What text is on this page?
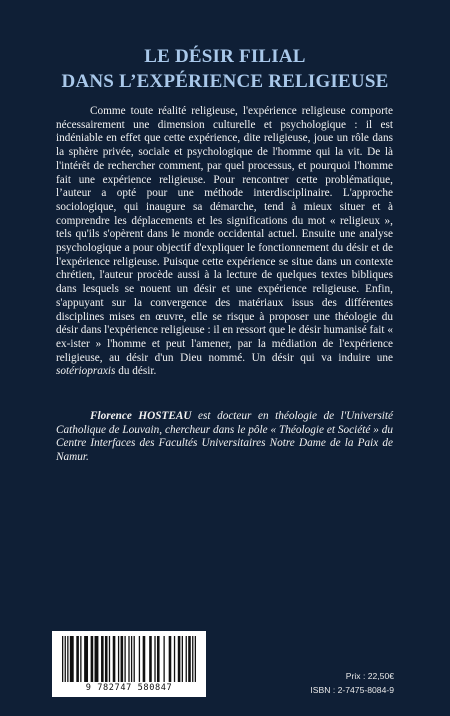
LE DÉSIR FILIAL
DANS L’EXPÉRIENCE RELIGIEUSE

Comme toute réalité religieuse, l'expérience religieuse comporte nécessairement une dimension culturelle et psychologique : il est indéniable en effet que cette expérience, dite religieuse, joue un rôle dans la sphère privée, sociale et psychologique de l'homme qui la vit. De là l'intérêt de rechercher comment, par quel processus, et pourquoi l'homme fait une expérience religieuse. Pour rencontrer cette problématique, l’auteur a opté pour une méthode interdisciplinaire. L'approche sociologique, qui inaugure sa démarche, tend à mieux situer et à comprendre les déplacements et les significations du mot « religieux », tels qu'ils s'opèrent dans le monde occidental actuel. Ensuite une analyse psychologique a pour objectif d'expliquer le fonctionnement du désir et de l'expérience religieuse. Puisque cette expérience se situe dans un contexte chrétien, l'auteur procède aussi à la lecture de quelques textes bibliques dans lesquels se nouent un désir et une expérience religieuse. Enfin, s'appuyant sur la convergence des matériaux issus des différentes disciplines mises en œuvre, elle se risque à proposer une théologie du désir dans l'expérience religieuse : il en ressort que le désir humanisé fait « ex-ister » l'homme et peut l'amener, par la médiation de l'expérience religieuse, au désir d'un Dieu nommé. Un désir qui va induire une sotériopraxis du désir.

Florence HOSTEAU est docteur en théologie de l'Université Catholique de Louvain, chercheur dans le pôle « Théologie et Société » du Centre Interfaces des Facultés Universitaires Notre Dame de la Paix de Namur.

9 782747 580847
Prix : 22,50€
ISBN : 2-7475-8084-9
